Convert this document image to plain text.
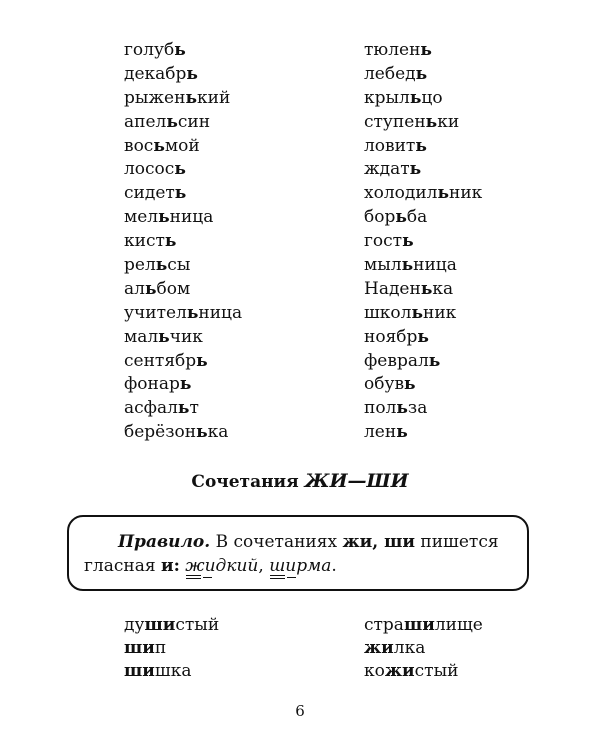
голубь
декабрь
рыженький
апельсин
восьмой
лосось
сидеть
мельница
кисть
рельсы
альбом
учительница
мальчик
сентябрь
фонарь
асфальт
берёзонька
тюлень
лебедь
крыльцо
ступеньки
ловить
ждать
холодильник
борьба
гость
мыльница
Наденька
школьник
ноябрь
февраль
обувь
польза
лень
Сочетания ЖИ—ШИ
Правило. В сочетаниях жи, ши пишется
гласная и: жидкий
, ширма
.
душистый
шип
шишка
страшилище
жилка
кожистый
6
